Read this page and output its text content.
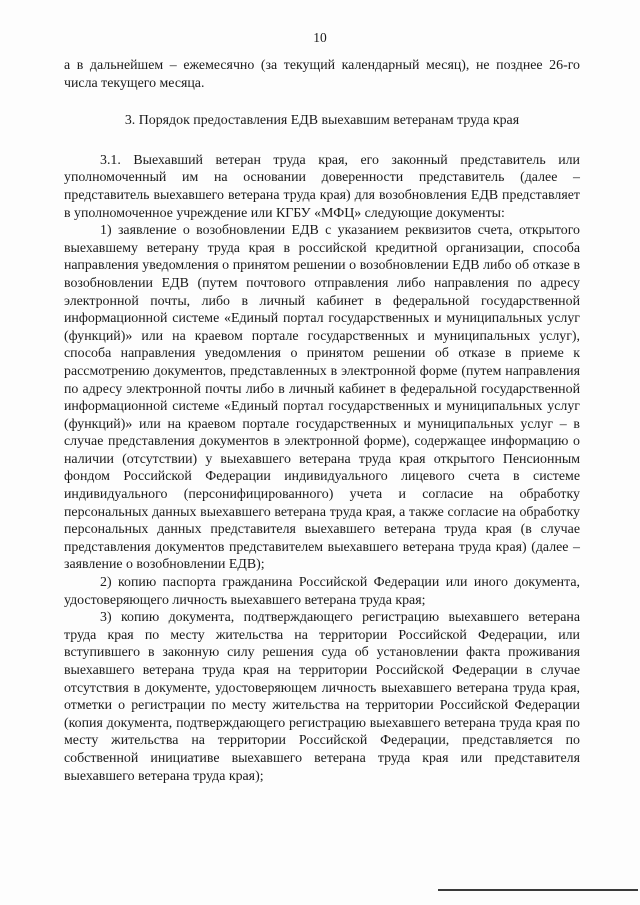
10

а в дальнейшем – ежемесячно (за текущий календарный месяц), не позднее 26-го числа текущего месяца.

3. Порядок предоставления ЕДВ выехавшим ветеранам труда края

3.1. Выехавший ветеран труда края, его законный представитель или уполномоченный им на основании доверенности представитель (далее – представитель выехавшего ветерана труда края) для возобновления ЕДВ представляет в уполномоченное учреждение или КГБУ «МФЦ» следующие документы:

1) заявление о возобновлении ЕДВ с указанием реквизитов счета, открытого выехавшему ветерану труда края в российской кредитной организации, способа направления уведомления о принятом решении о возобновлении ЕДВ либо об отказе в возобновлении ЕДВ (путем почтового отправления либо направления по адресу электронной почты, либо в личный кабинет в федеральной государственной информационной системе «Единый портал государственных и муниципальных услуг (функций)» или на краевом портале государственных и муниципальных услуг), способа направления уведомления о принятом решении об отказе в приеме к рассмотрению документов, представленных в электронной форме (путем направления по адресу электронной почты либо в личный кабинет в федеральной государственной информационной системе «Единый портал государственных и муниципальных услуг (функций)» или на краевом портале государственных и муниципальных услуг – в случае представления документов в электронной форме), содержащее информацию о наличии (отсутствии) у выехавшего ветерана труда края открытого Пенсионным фондом Российской Федерации индивидуального лицевого счета в системе индивидуального (персонифицированного) учета и согласие на обработку персональных данных выехавшего ветерана труда края, а также согласие на обработку персональных данных представителя выехавшего ветерана труда края (в случае представления документов представителем выехавшего ветерана труда края) (далее – заявление о возобновлении ЕДВ);

2) копию паспорта гражданина Российской Федерации или иного документа, удостоверяющего личность выехавшего ветерана труда края;

3) копию документа, подтверждающего регистрацию выехавшего ветерана труда края по месту жительства на территории Российской Федерации, или вступившего в законную силу решения суда об установлении факта проживания выехавшего ветерана труда края на территории Российской Федерации в случае отсутствия в документе, удостоверяющем личность выехавшего ветерана труда края, отметки о регистрации по месту жительства на территории Российской Федерации (копия документа, подтверждающего регистрацию выехавшего ветерана труда края по месту жительства на территории Российской Федерации, представляется по собственной инициативе выехавшего ветерана труда края или представителя выехавшего ветерана труда края);
